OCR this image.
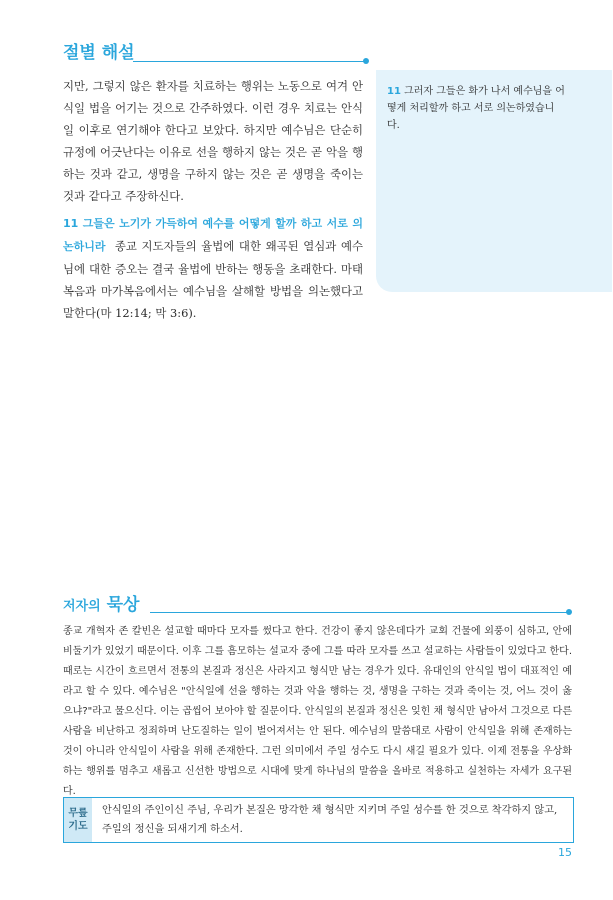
절별 해설

지만, 그렇지 않은 환자를 치료하는 행위는 노동으로 여겨 안식일 법을 어기는 것으로 간주하였다. 이런 경우 치료는 안식일 이후로 연기해야 한다고 보았다. 하지만 예수님은 단순히 규정에 어긋난다는 이유로 선을 행하지 않는 것은 곧 악을 행하는 것과 같고, 생명을 구하지 않는 것은 곧 생명을 죽이는 것과 같다고 주장하신다.

11 그들은 노기가 가득하여 예수를 어떻게 할까 하고 서로 의논하니라 종교 지도자들의 율법에 대한 왜곡된 열심과 예수님에 대한 증오는 결국 율법에 반하는 행동을 초래한다. 마태복음과 마가복음에서는 예수님을 살해할 방법을 의논했다고 말한다(마 12:14; 막 3:6).

11 그러자 그들은 화가 나서 예수님을 어떻게 처리할까 하고 서로 의논하였습니다.
저자의 묵상

종교 개혁자 존 칼빈은 설교할 때마다 모자를 썼다고 한다. 건강이 좋지 않은데다가 교회 건물에 외풍이 심하고, 안에 비둘기가 있었기 때문이다. 이후 그를 흠모하는 설교자 중에 그를 따라 모자를 쓰고 설교하는 사람들이 있었다고 한다. 때로는 시간이 흐르면서 전통의 본질과 정신은 사라지고 형식만 남는 경우가 있다. 유대인의 안식일 법이 대표적인 예라고 할 수 있다. 예수님은 "안식일에 선을 행하는 것과 악을 행하는 것, 생명을 구하는 것과 죽이는 것, 어느 것이 옳으냐?"라고 물으신다. 이는 곱씹어 보아야 할 질문이다. 안식일의 본질과 정신은 잊힌 채 형식만 남아서 그것으로 다른 사람을 비난하고 정죄하며 난도질하는 일이 벌어져서는 안 된다. 예수님의 말씀대로 사람이 안식일을 위해 존재하는 것이 아니라 안식일이 사람을 위해 존재한다. 그런 의미에서 주일 성수도 다시 새길 필요가 있다. 이제 전통을 우상화하는 행위를 멈추고 새롭고 신선한 방법으로 시대에 맞게 하나님의 말씀을 올바로 적용하고 실천하는 자세가 요구된다.

무릎
기도
안식일의 주인이신 주님, 우리가 본질은 망각한 채 형식만 지키며 주일 성수를 한 것으로 착각하지 않고, 주일의 정신을 되새기게 하소서.
15
